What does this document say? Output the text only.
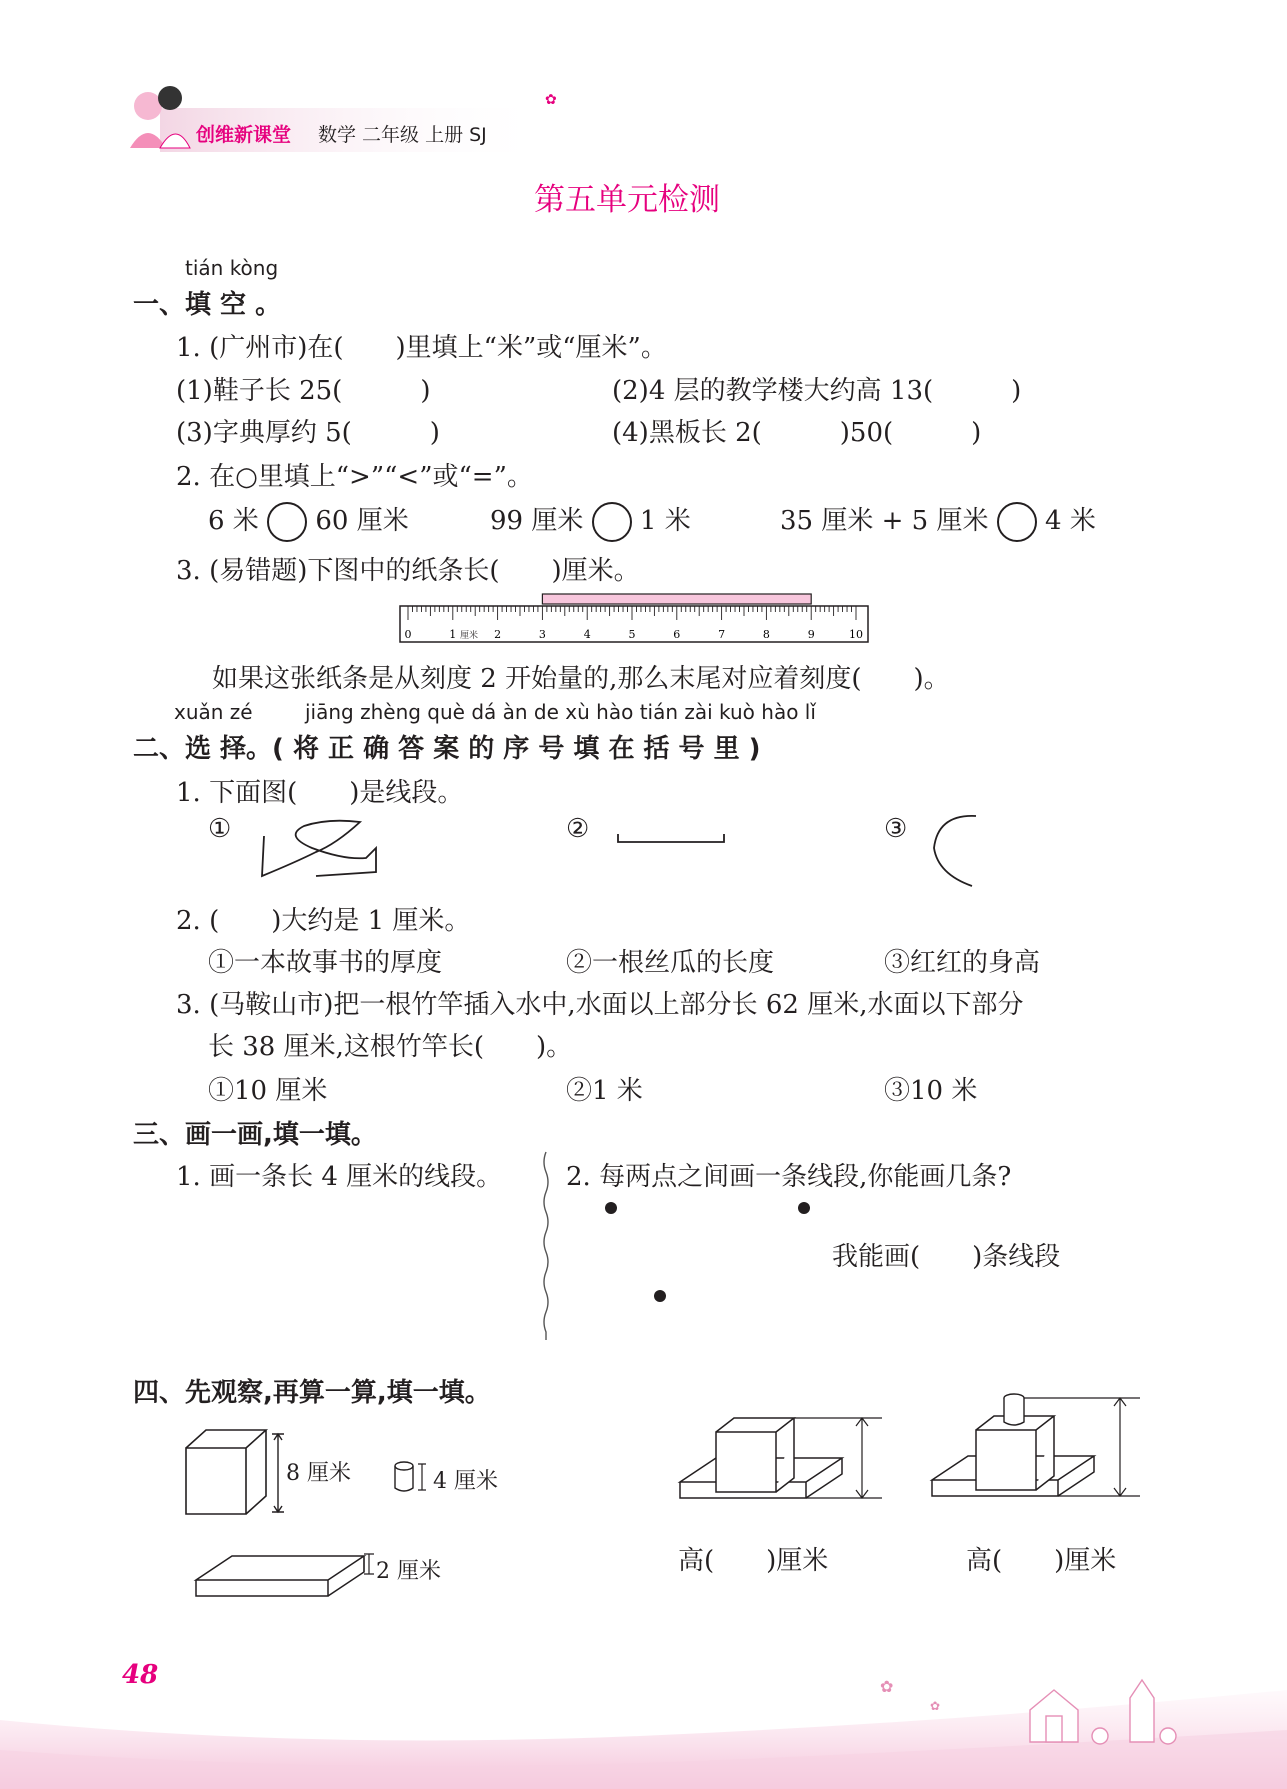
✿
创维新课堂 数学 二年级 上册 SJ
第五单元检测
tián kòng
一、填 空 。
1. (广州市)在(　　)里填上“米”或“厘米”。
(1)鞋子长 25(　　　)	(2)4 层的教学楼大约高 13(　　　)
(3)字典厚约 5(　　　)	(4)黑板长 2(　　　)50(　　　)
2. 在○里填上“>”“<”或“=”。
6 米 60 厘米	99 厘米 1 米	35 厘米 + 5 厘米 4 米
3. (易错题)下图中的纸条长(　　)厘米。
0	1	2	3	4	5	6	7	8	9	10
厘米
如果这张纸条是从刻度 2 开始量的,那么末尾对应着刻度(　　)。
xuǎn zé	jiāng zhèng què dá àn de xù hào tián zài kuò hào lǐ
二、选 择。( 将 正 确 答 案 的 序 号 填 在 括 号 里 )
1. 下面图(　　)是线段。
①	②	③
2. (　　)大约是 1 厘米。
①一本故事书的厚度	②一根丝瓜的长度	③红红的身高
3. (马鞍山市)把一根竹竿插入水中,水面以上部分长 62 厘米,水面以下部分
长 38 厘米,这根竹竿长(　　)。
①10 厘米	②1 米	③10 米
三、画一画,填一填。
1. 画一条长 4 厘米的线段。 2. 每两点之间画一条线段,你能画几条?
我能画(　　)条线段
四、先观察,再算一算,填一填。
8 厘米	4 厘米
2 厘米	高(　　)厘米	高(　　)厘米
✿
✿
48
